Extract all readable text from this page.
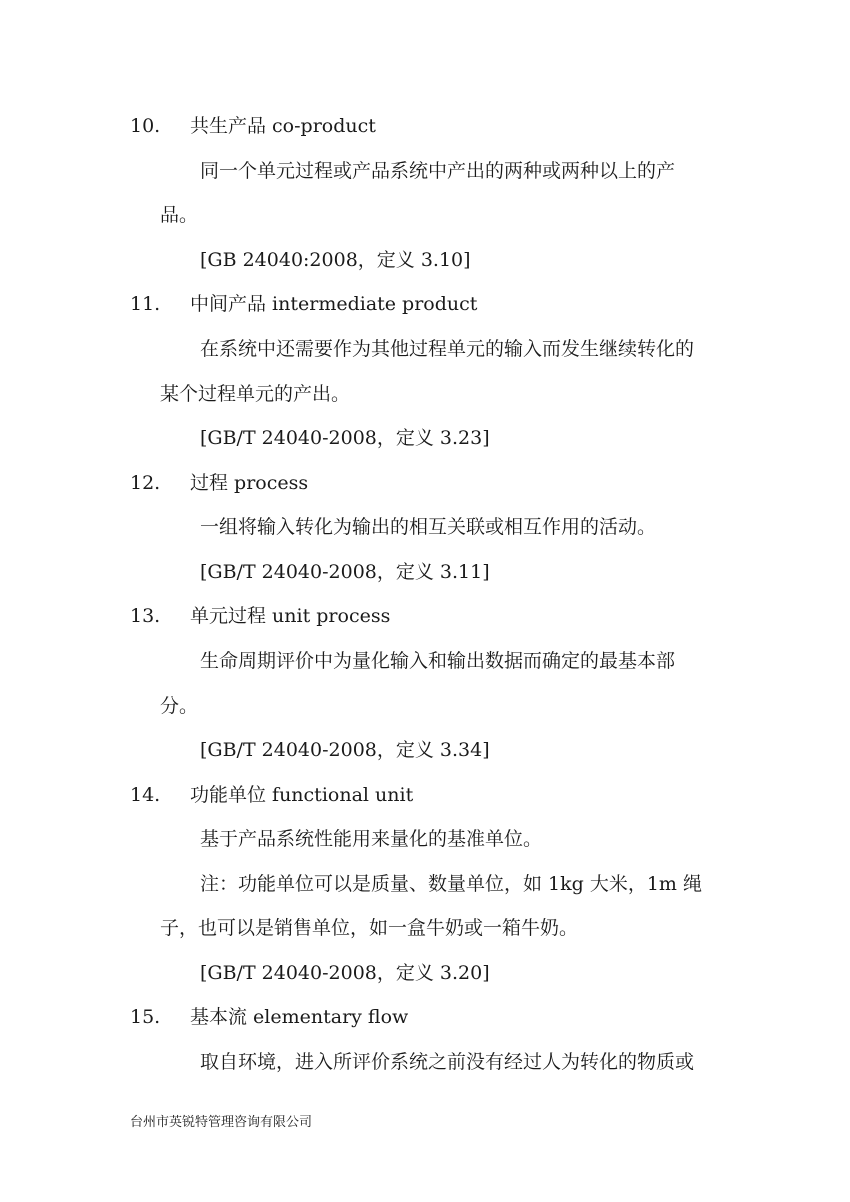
10. 共生产品 co-product
同一个单元过程或产品系统中产出的两种或两种以上的产
品。
[GB 24040:2008，定义 3.10]
11. 中间产品 intermediate product
在系统中还需要作为其他过程单元的输入而发生继续转化的
某个过程单元的产出。
[GB/T 24040-2008，定义 3.23]
12. 过程 process
一组将输入转化为输出的相互关联或相互作用的活动。
[GB/T 24040-2008，定义 3.11]
13. 单元过程 unit process
生命周期评价中为量化输入和输出数据而确定的最基本部
分。
[GB/T 24040-2008，定义 3.34]
14. 功能单位 functional unit
基于产品系统性能用来量化的基准单位。
注：功能单位可以是质量、数量单位，如 1kg 大米，1m 绳
子，也可以是销售单位，如一盒牛奶或一箱牛奶。
[GB/T 24040-2008，定义 3.20]
15. 基本流 elementary flow
取自环境，进入所评价系统之前没有经过人为转化的物质或
台州市英锐特管理咨询有限公司
